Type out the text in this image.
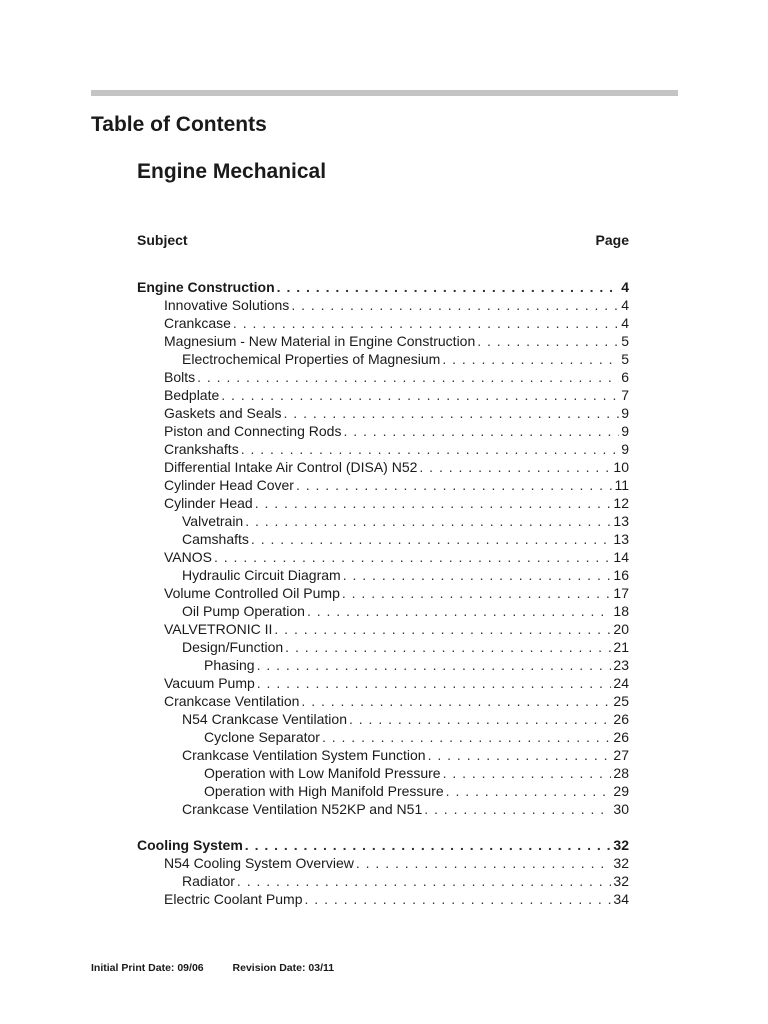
Table of Contents
Engine Mechanical
Subject	Page
Engine Construction . . .	4
Innovative Solutions . . .	4
Crankcase . . .	4
Magnesium - New Material in Engine Construction . . .	5
Electrochemical Properties of Magnesium . . .	5
Bolts . . .	6
Bedplate . . .	7
Gaskets and Seals . . .	9
Piston and Connecting Rods . . .	9
Crankshafts . . .	9
Differential Intake Air Control (DISA) N52 . . .	10
Cylinder Head Cover . . .	11
Cylinder Head . . .	12
Valvetrain . . .	13
Camshafts . . .	13
VANOS . . .	14
Hydraulic Circuit Diagram . . .	16
Volume Controlled Oil Pump . . .	17
Oil Pump Operation . . .	18
VALVETRONIC II . . .	20
Design/Function . . .	21
Phasing . . .	23
Vacuum Pump . . .	24
Crankcase Ventilation . . .	25
N54 Crankcase Ventilation . . .	26
Cyclone Separator . . .	26
Crankcase Ventilation System Function . . .	27
Operation with Low Manifold Pressure . . .	28
Operation with High Manifold Pressure . . .	29
Crankcase Ventilation N52KP and N51 . . .	30
Cooling System . . .	32
N54 Cooling System Overview . . .	32
Radiator . . .	32
Electric Coolant Pump . . .	34
Initial Print Date: 09/06	Revision Date: 03/11
